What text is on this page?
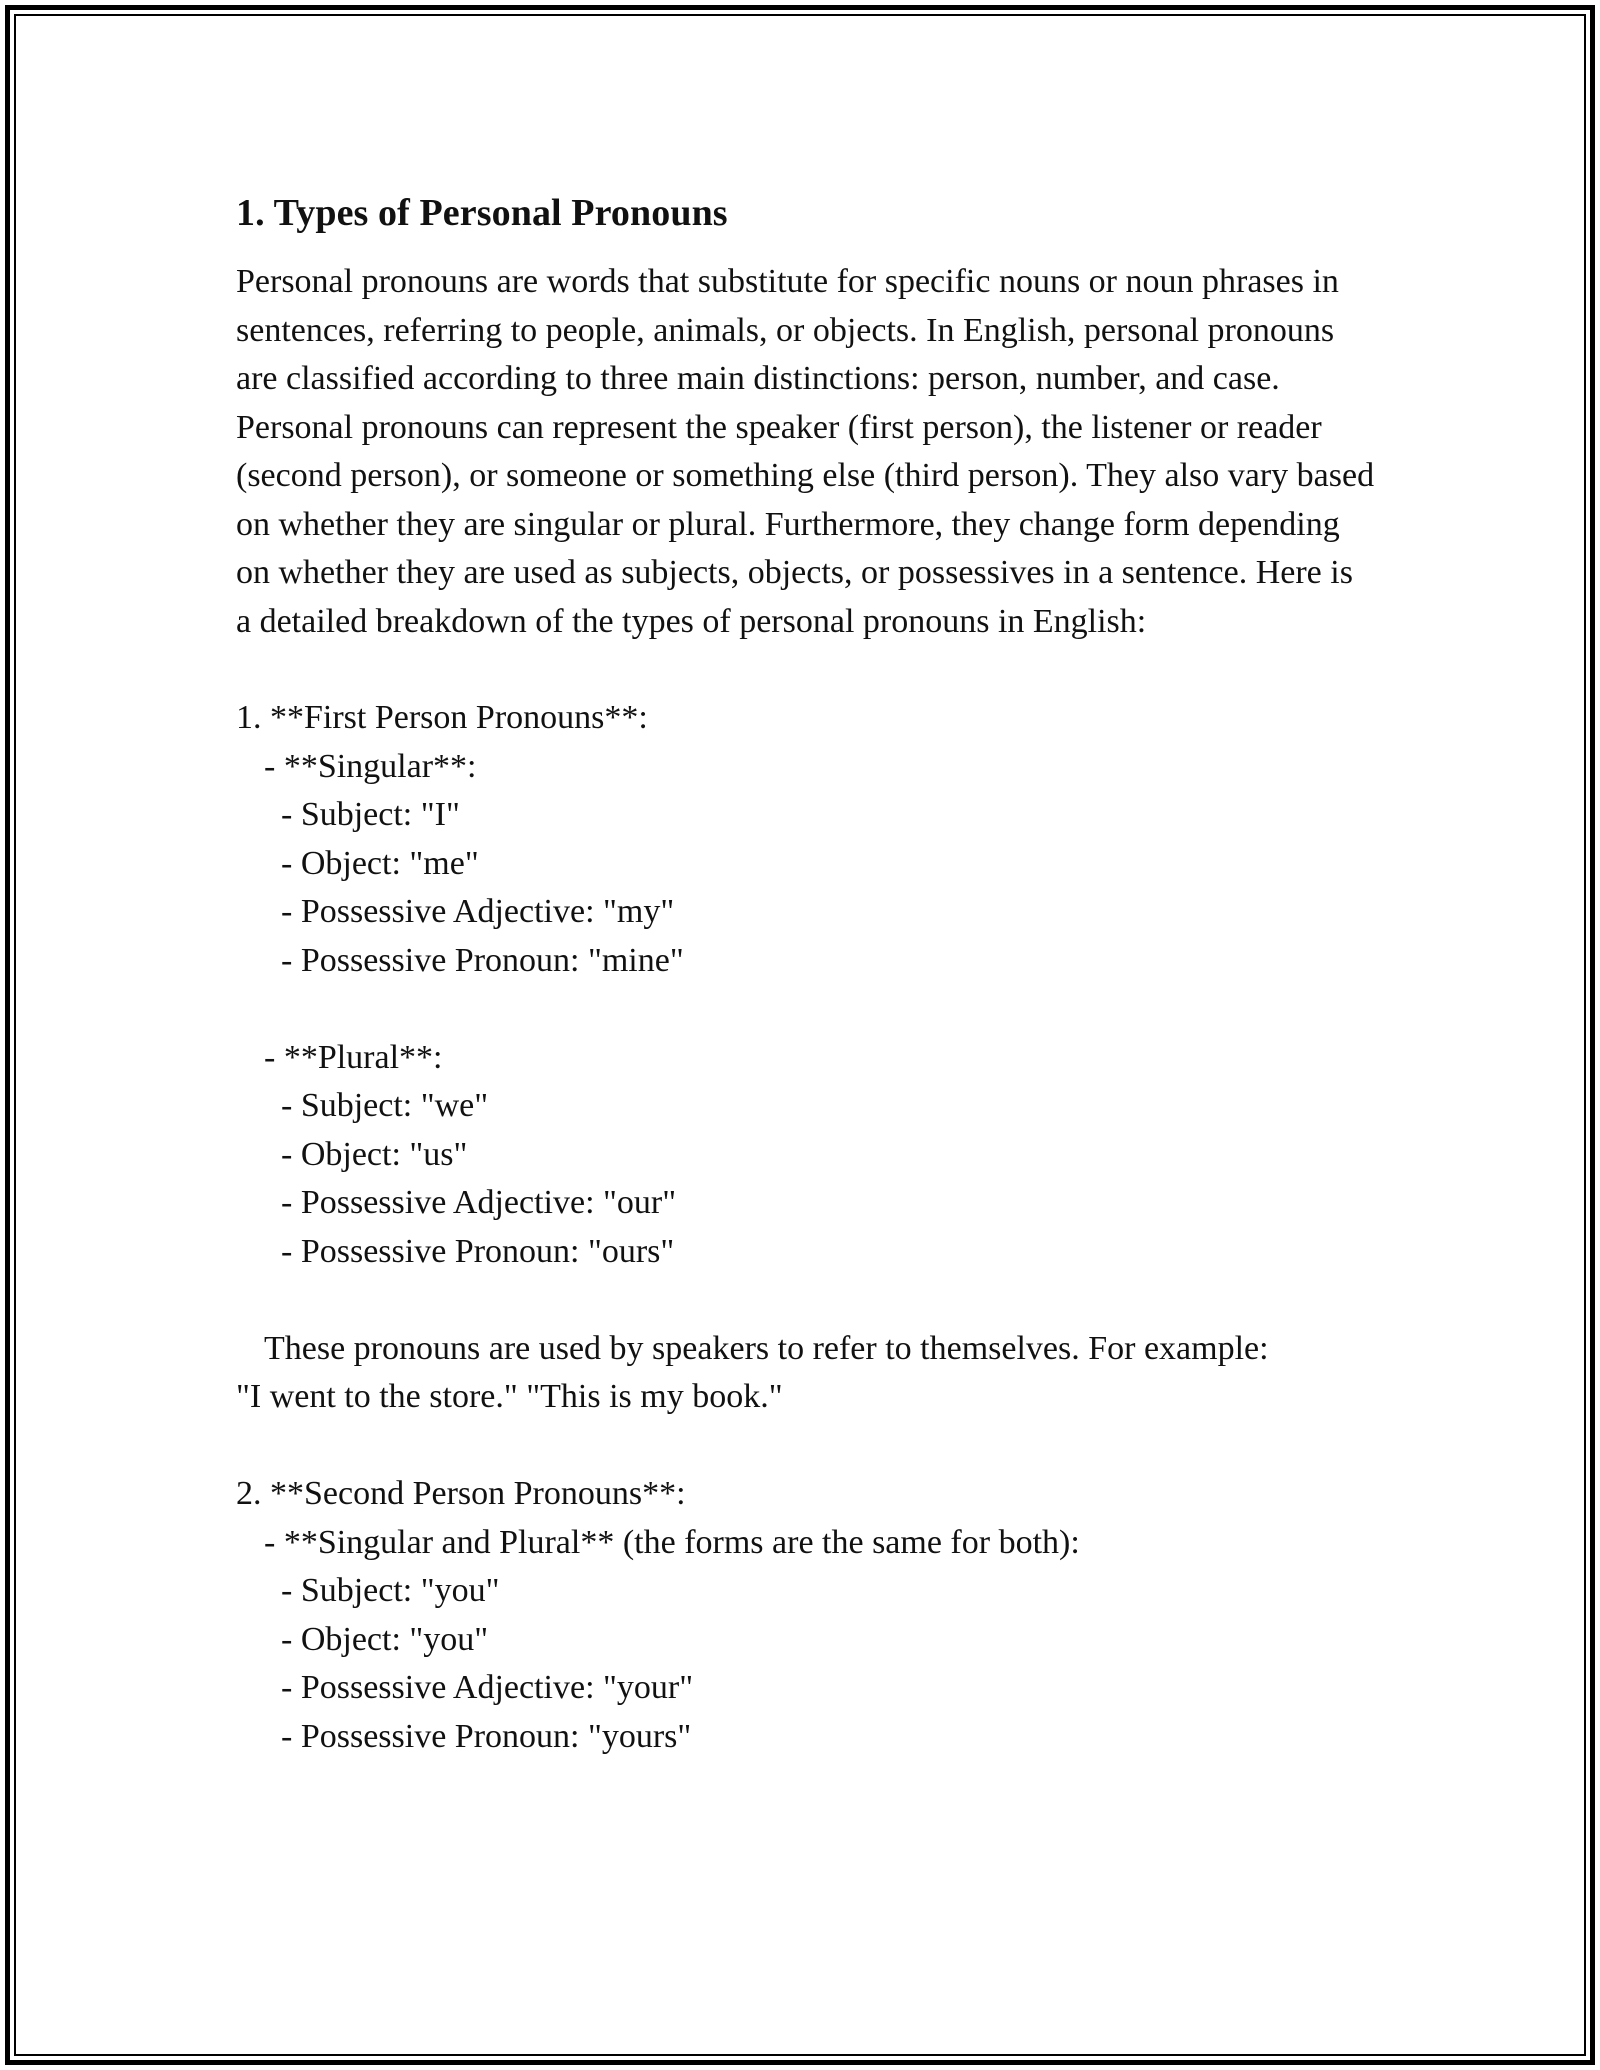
1. Types of Personal Pronouns

Personal pronouns are words that substitute for specific nouns or noun phrases in sentences, referring to people, animals, or objects. In English, personal pronouns are classified according to three main distinctions: person, number, and case. Personal pronouns can represent the speaker (first person), the listener or reader (second person), or someone or something else (third person). They also vary based on whether they are singular or plural. Furthermore, they change form depending on whether they are used as subjects, objects, or possessives in a sentence. Here is a detailed breakdown of the types of personal pronouns in English:

1. **First Person Pronouns**:
- **Singular**:
- Subject: "I"
- Object: "me"
- Possessive Adjective: "my"
- Possessive Pronoun: "mine"
- **Plural**:
- Subject: "we"
- Object: "us"
- Possessive Adjective: "our"
- Possessive Pronoun: "ours"
These pronouns are used by speakers to refer to themselves. For example:
"I went to the store." "This is my book."
2. **Second Person Pronouns**:
- **Singular and Plural** (the forms are the same for both):
- Subject: "you"
- Object: "you"
- Possessive Adjective: "your"
- Possessive Pronoun: "yours"
